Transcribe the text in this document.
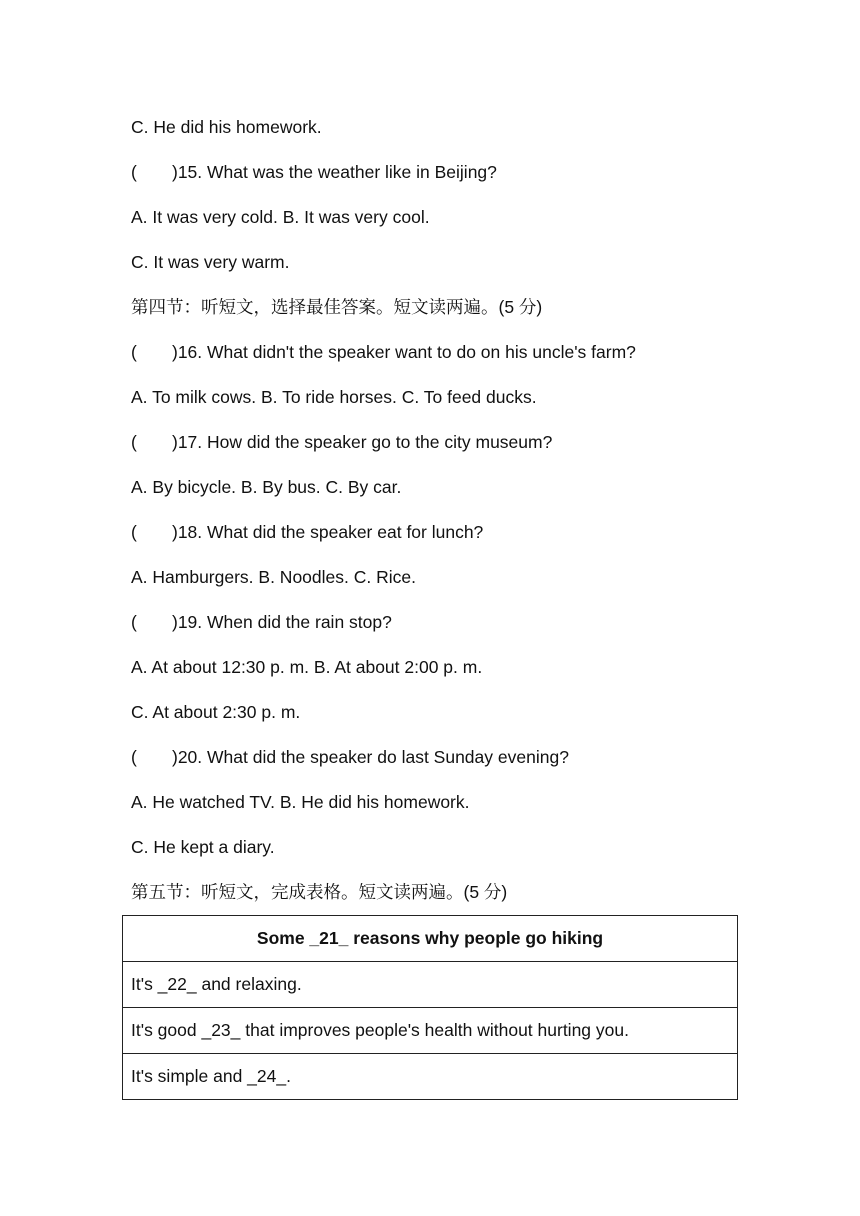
C. He did his homework.
( )15. What was the weather like in Beijing?
A. It was very cold. B. It was very cool.
C. It was very warm.
第四节：听短文，选择最佳答案。短文读两遍。(5 分)
( )16. What didn't the speaker want to do on his uncle's farm?
A. To milk cows. B. To ride horses. C. To feed ducks.
( )17. How did the speaker go to the city museum?
A. By bicycle. B. By bus. C. By car.
( )18. What did the speaker eat for lunch?
A. Hamburgers. B. Noodles. C. Rice.
( )19. When did the rain stop?
A. At about 12:30 p. m. B. At about 2:00 p. m.
C. At about 2:30 p. m.
( )20. What did the speaker do last Sunday evening?
A. He watched TV. B. He did his homework.
C. He kept a diary.
第五节：听短文，完成表格。短文读两遍。(5 分)
Some _21_ reasons why people go hiking
It's _22_ and relaxing.
It's good _23_ that improves people's health without hurting you.
It's simple and _24_.
